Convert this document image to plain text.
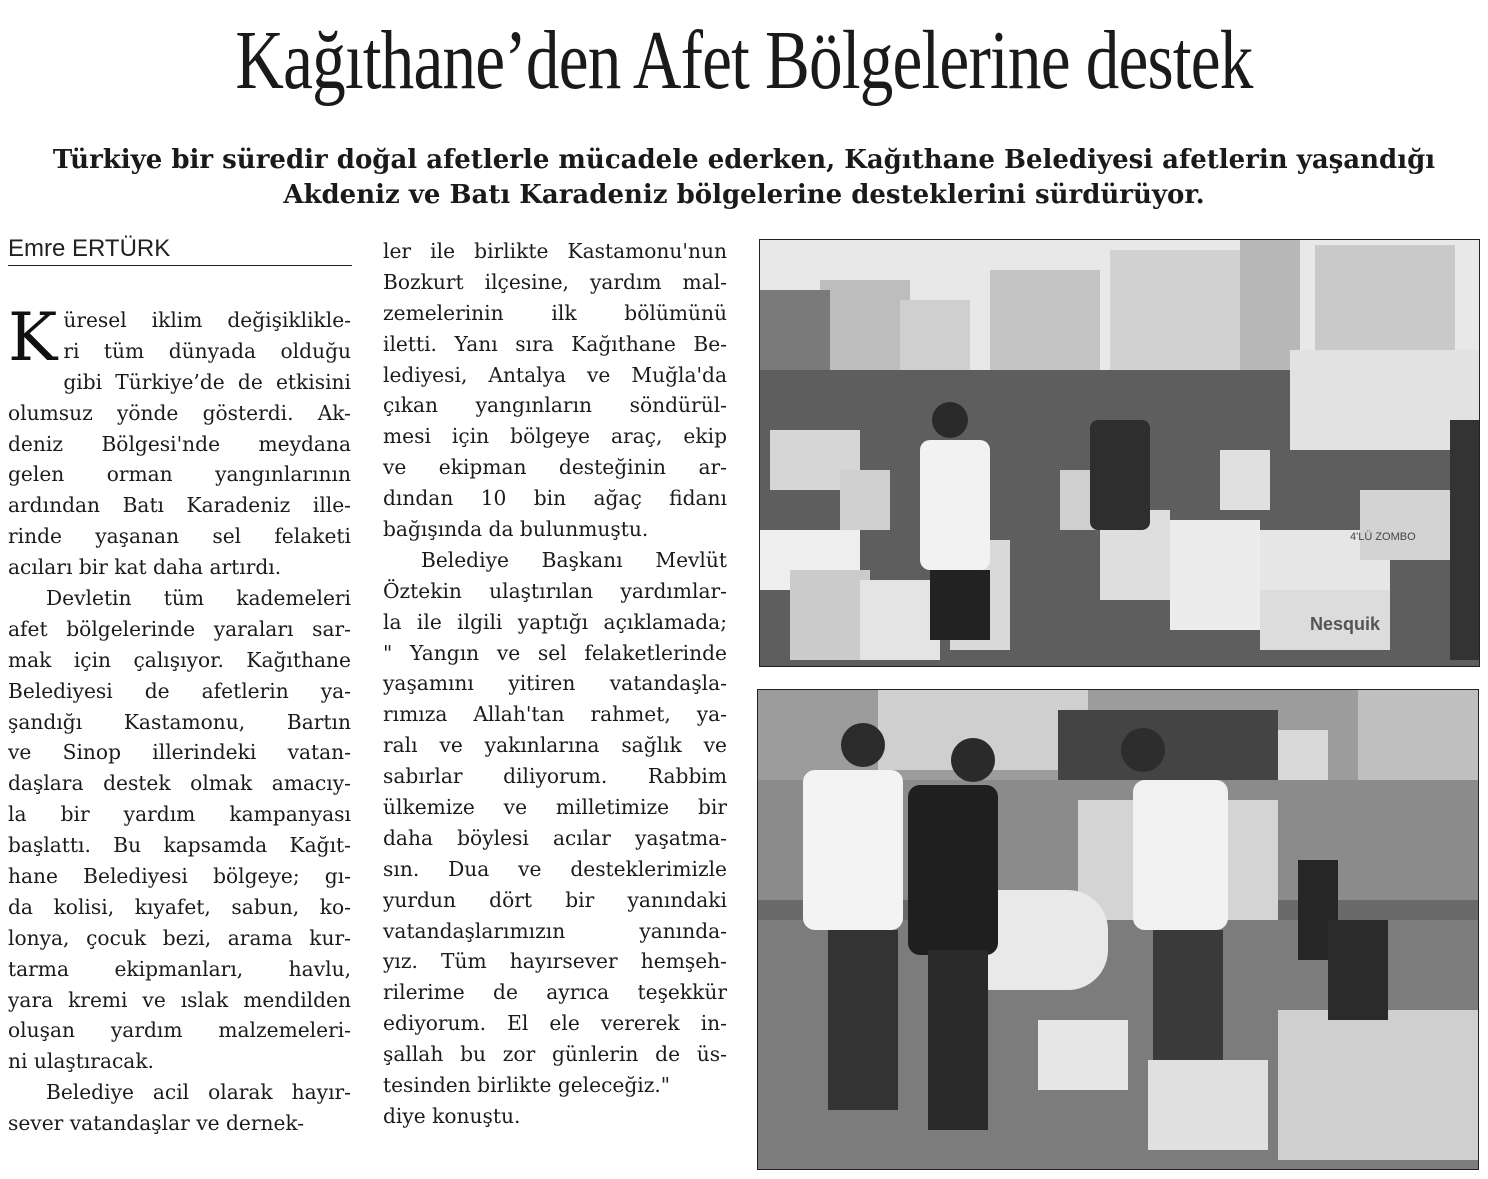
Kağıthane’den Afet Bölgelerine destek
Türkiye bir süredir doğal afetlerle mücadele ederken, Kağıthane Belediyesi afetlerin yaşandığı
Akdeniz ve Batı Karadeniz bölgelerine desteklerini sürdürüyor.
Emre ERTÜRK
K üresel iklim değişiklikle-
ri tüm dünyada olduğu
gibi Türkiye’de de etkisini
olumsuz yönde gösterdi. Ak-
deniz Bölgesi'nde meydana
gelen orman yangınlarının
ardından Batı Karadeniz ille-
rinde yaşanan sel felaketi
acıları bir kat daha artırdı.
Devletin tüm kademeleri
afet bölgelerinde yaraları sar-
mak için çalışıyor. Kağıthane
Belediyesi de afetlerin ya-
şandığı Kastamonu, Bartın
ve Sinop illerindeki vatan-
daşlara destek olmak amacıy-
la bir yardım kampanyası
başlattı. Bu kapsamda Kağıt-
hane Belediyesi bölgeye; gı-
da kolisi, kıyafet, sabun, ko-
lonya, çocuk bezi, arama kur-
tarma ekipmanları, havlu,
yara kremi ve ıslak mendilden
oluşan yardım malzemeleri-
ni ulaştıracak.
Belediye acil olarak hayır-
sever vatandaşlar ve dernek-
ler ile birlikte Kastamonu'nun
Bozkurt ilçesine, yardım mal-
zemelerinin ilk bölümünü
iletti. Yanı sıra Kağıthane Be-
lediyesi, Antalya ve Muğla'da
çıkan yangınların söndürül-
mesi için bölgeye araç, ekip
ve ekipman desteğinin ar-
dından 10 bin ağaç fidanı
bağışında da bulunmuştu.
Belediye Başkanı Mevlüt
Öztekin ulaştırılan yardımlar-
la ile ilgili yaptığı açıklamada;
" Yangın ve sel felaketlerinde
yaşamını yitiren vatandaşla-
rımıza Allah'tan rahmet, ya-
ralı ve yakınlarına sağlık ve
sabırlar diliyorum. Rabbim
ülkemize ve milletimize bir
daha böylesi acılar yaşatma-
sın. Dua ve desteklerimizle
yurdun dört bir yanındaki
vatandaşlarımızın yanında-
yız. Tüm hayırsever hemşeh-
rilerime de ayrıca teşekkür
ediyorum. El ele vererek in-
şallah bu zor günlerin de üs-
tesinden birlikte geleceğiz."
diye konuştu.
Nesquik
4'LÜ ZOMBO
